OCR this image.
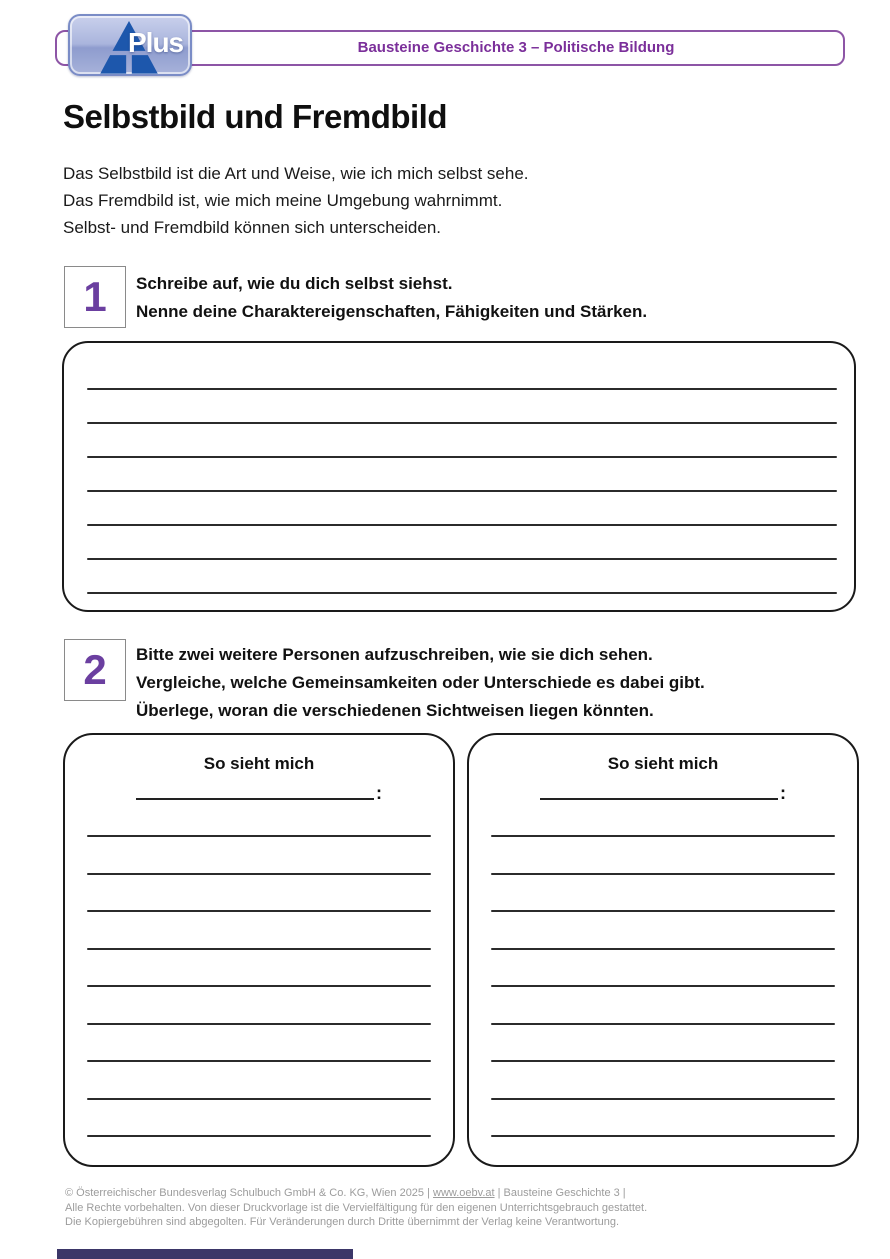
Bausteine Geschichte 3 – Politische Bildung
Plus
Selbstbild und Fremdbild
Das Selbstbild ist die Art und Weise, wie ich mich selbst sehe.
Das Fremdbild ist, wie mich meine Umgebung wahrnimmt.
Selbst- und Fremdbild können sich unterscheiden.
1 Schreibe auf, wie du dich selbst siehst.
Nenne deine Charaktereigenschaften, Fähigkeiten und Stärken.
2 Bitte zwei weitere Personen aufzuschreiben, wie sie dich sehen.
Vergleiche, welche Gemeinsamkeiten oder Unterschiede es dabei gibt.
Überlege, woran die verschiedenen Sichtweisen liegen könnten.
So sieht mich
:
So sieht mich
:
© Österreichischer Bundesverlag Schulbuch GmbH & Co. KG, Wien 2025 | www.oebv.at | Bausteine Geschichte 3 |
Alle Rechte vorbehalten. Von dieser Druckvorlage ist die Vervielfältigung für den eigenen Unterrichtsgebrauch gestattet.
Die Kopiergebühren sind abgegolten. Für Veränderungen durch Dritte übernimmt der Verlag keine Verantwortung.
